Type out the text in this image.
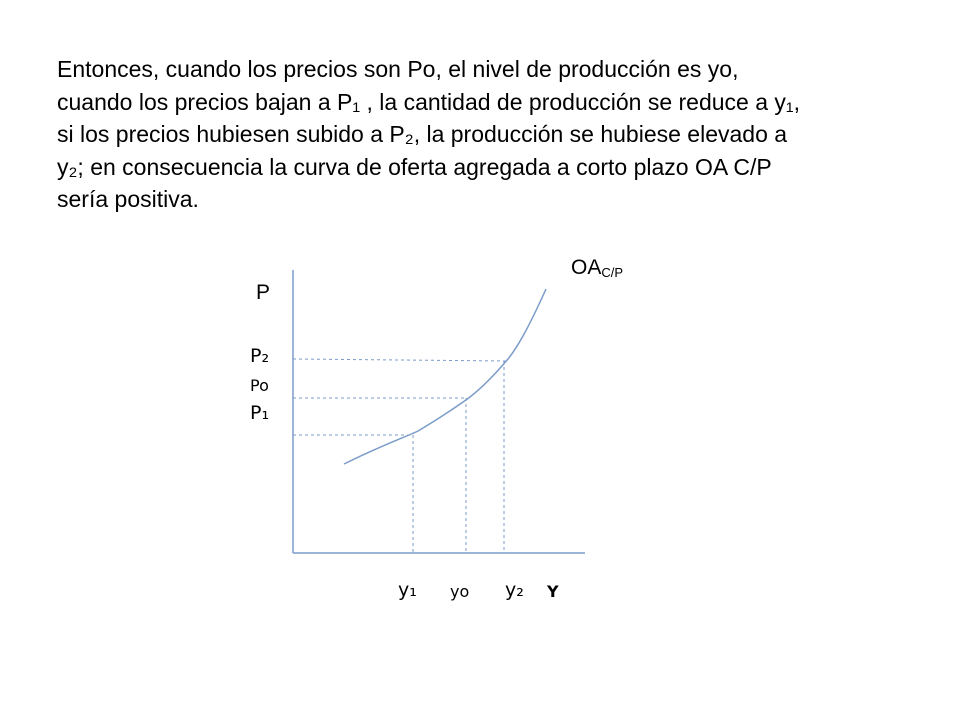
Entonces, cuando los precios son Po, el nivel de producción es yo,
cuando los precios bajan a P₁ , la cantidad de producción se reduce a y₁,
si los precios hubiesen subido a P₂, la producción se hubiese elevado a
y₂; en consecuencia la curva de oferta agregada a corto plazo OA C/P
sería positiva.
$OA_{C/P}$
P
P₂
Po
P₁
y₁ yo y₂ Y
